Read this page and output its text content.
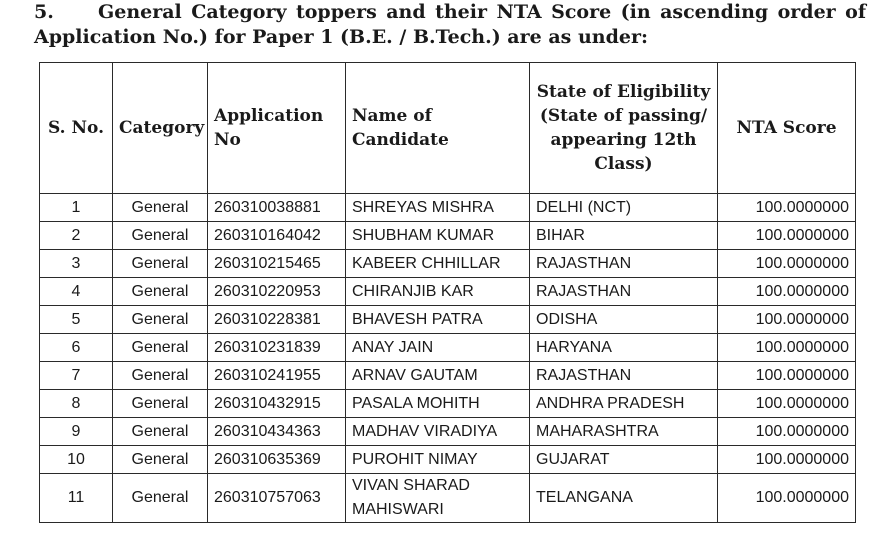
5. General Category toppers and their NTA Score (in ascending order of Application No.) for Paper 1 (B.E. / B.Tech.) are as under:
S. No.	Category	Application No	Name of Candidate	State of Eligibility (State of passing/ appearing 12th Class)	NTA Score
1	General	260310038881	SHREYAS MISHRA	DELHI (NCT)	100.0000000
2	General	260310164042	SHUBHAM KUMAR	BIHAR	100.0000000
3	General	260310215465	KABEER CHHILLAR	RAJASTHAN	100.0000000
4	General	260310220953	CHIRANJIB KAR	RAJASTHAN	100.0000000
5	General	260310228381	BHAVESH PATRA	ODISHA	100.0000000
6	General	260310231839	ANAY JAIN	HARYANA	100.0000000
7	General	260310241955	ARNAV GAUTAM	RAJASTHAN	100.0000000
8	General	260310432915	PASALA MOHITH	ANDHRA PRADESH	100.0000000
9	General	260310434363	MADHAV VIRADIYA	MAHARASHTRA	100.0000000
10	General	260310635369	PUROHIT NIMAY	GUJARAT	100.0000000
11	General	260310757063	VIVAN SHARAD MAHISWARI	TELANGANA	100.0000000
